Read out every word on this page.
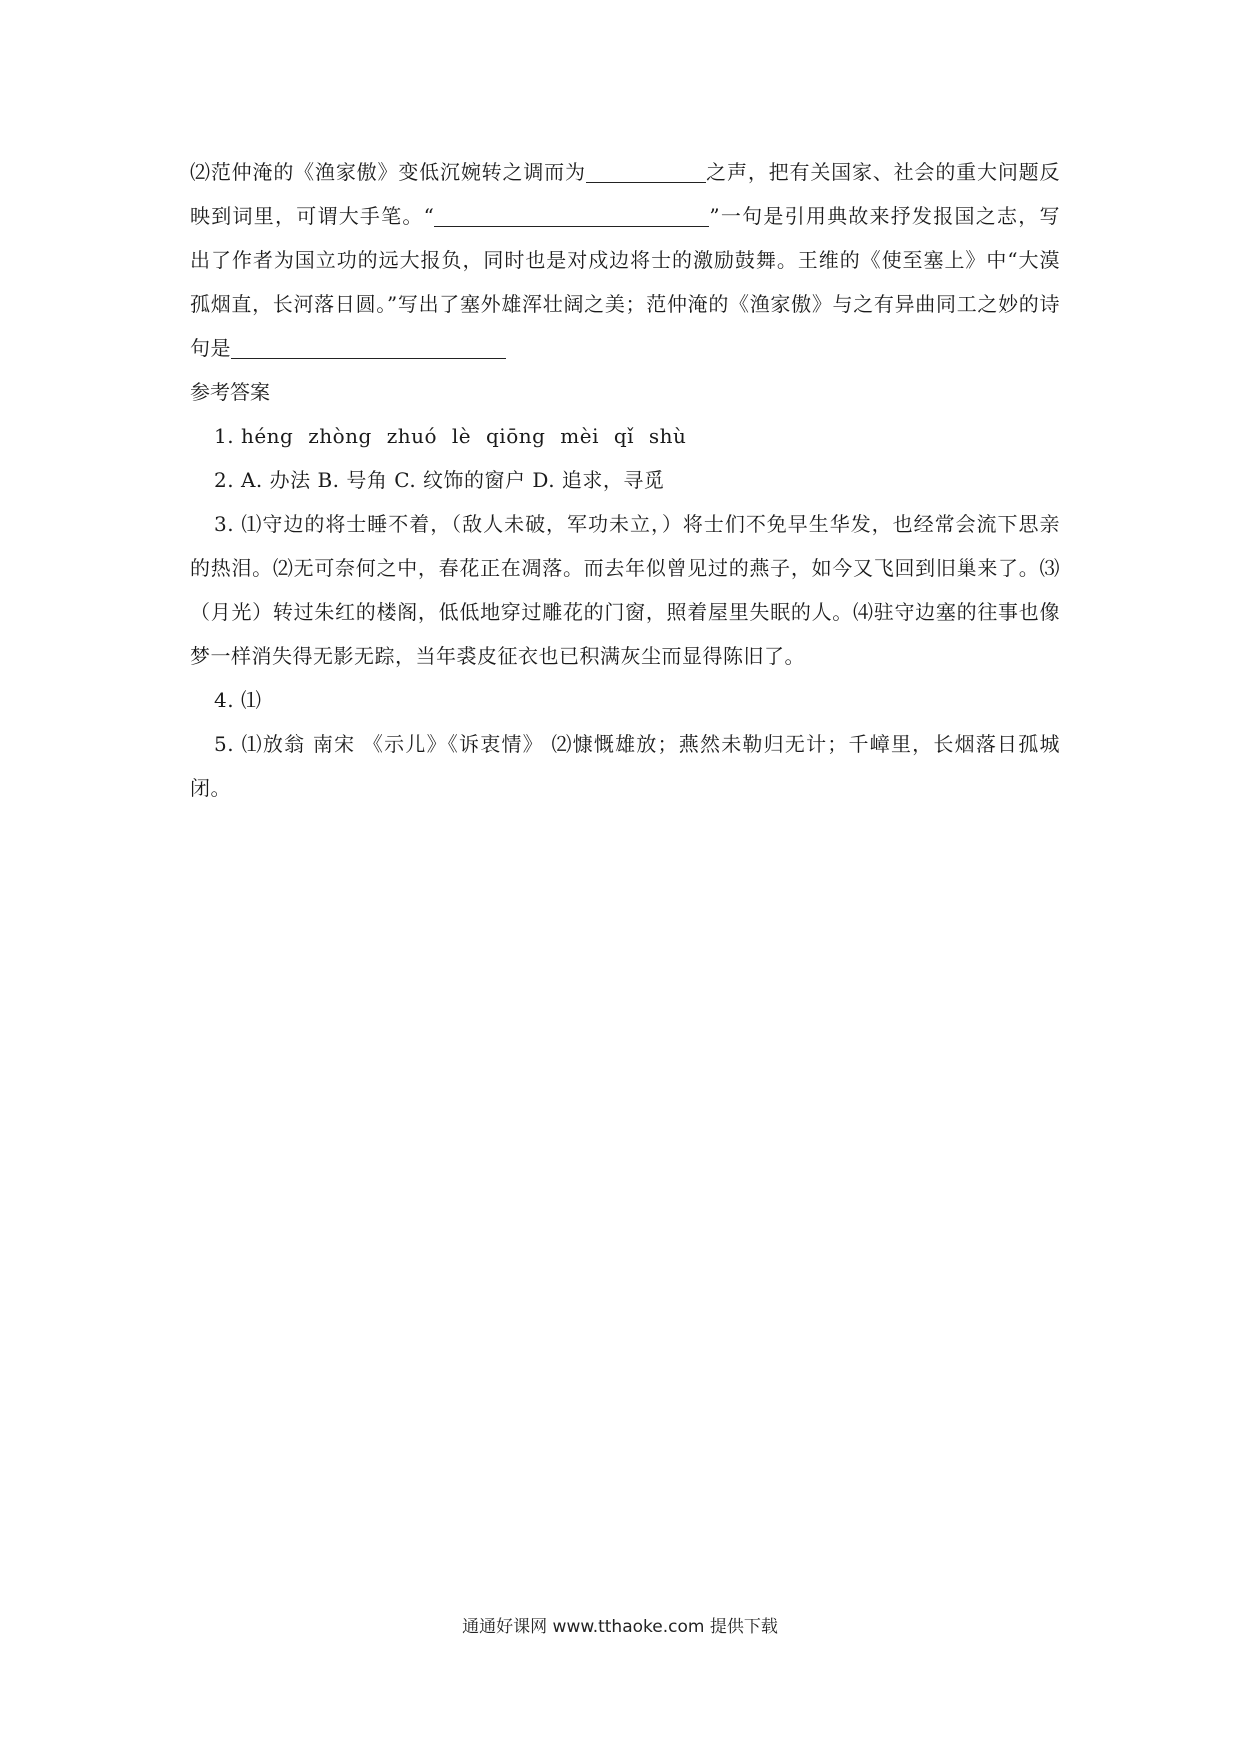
⑵范仲淹的《渔家傲》变低沉婉转之调而为	之声，把有关国家、社会的重大问题反映到词里，可谓大手笔。“	”一句是引用典故来抒发报国之志，写出了作者为国立功的远大报负，同时也是对戍边将士的激励鼓舞。王维的《使至塞上》中“大漠孤烟直，长河落日圆。”写出了塞外雄浑壮阔之美；范仲淹的《渔家傲》与之有异曲同工之妙的诗句是

参考答案

1. héng zhòng zhuó lè qiōng mèi qǐ shù

2. A. 办法 B. 号角 C. 纹饰的窗户 D. 追求，寻觅

3. ⑴守边的将士睡不着，（敌人未破，军功未立，）将士们不免早生华发，也经常会流下思亲的热泪。⑵无可奈何之中，春花正在凋落。而去年似曾见过的燕子，如今又飞回到旧巢来了。⑶（月光）转过朱红的楼阁，低低地穿过雕花的门窗，照着屋里失眠的人。⑷驻守边塞的往事也像梦一样消失得无影无踪，当年裘皮征衣也已积满灰尘而显得陈旧了。

4. ⑴

5. ⑴放翁 南宋 《示儿》《诉衷情》 ⑵慷慨雄放；燕然未勒归无计；千嶂里，长烟落日孤城闭。

通通好课网 www.tthaoke.com 提供下载
